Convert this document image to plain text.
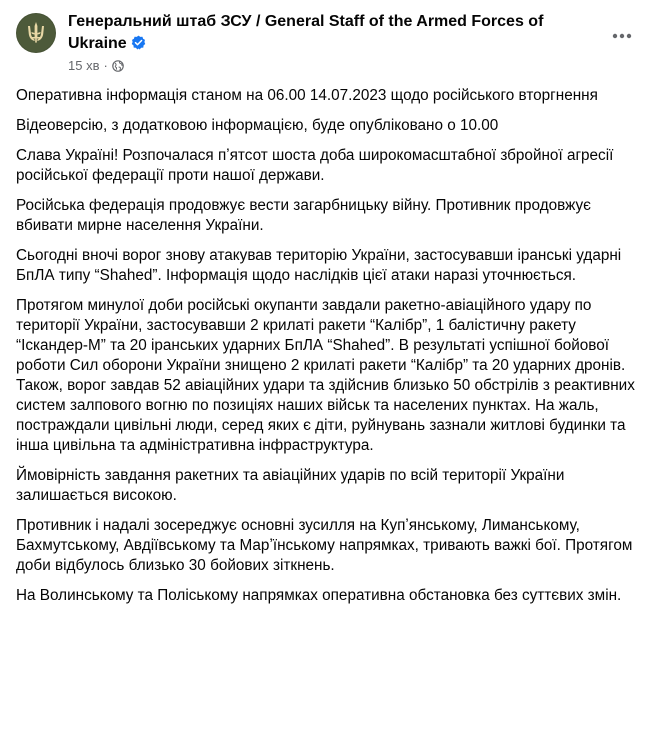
Генеральний штаб ЗСУ / General Staff of the Armed Forces of Ukraine
15 хв ·

Оперативна інформація станом на 06.00 14.07.2023 щодо російського вторгнення

Відеоверсію, з додатковою інформацією, буде опубліковано о 10.00

Слава Україні! Розпочалася пʼятсот шоста доба широкомасштабної збройної агресії російської федерації проти нашої держави.

Російська федерація продовжує вести загарбницьку війну. Противник продовжує вбивати мирне населення України.

Сьогодні вночі ворог знову атакував територію України, застосувавши іранські ударні БпЛА типу “Shahed”. Інформація щодо наслідків цієї атаки наразі уточнюється.

Протягом минулої доби російські окупанти завдали ракетно-авіаційного удару по території України, застосувавши 2 крилаті ракети “Калібр”, 1 балістичну ракету “Іскандер-М” та 20 іранських ударних БпЛА “Shahed”. В результаті успішної бойової роботи Сил оборони України знищено 2 крилаті ракети “Калібр” та 20 ударних дронів. Також, ворог завдав 52 авіаційних удари та здійснив близько 50 обстрілів з реактивних систем залпового вогню по позиціях наших військ та населених пунктах. На жаль, постраждали цивільні люди, серед яких є діти, руйнувань зазнали житлові будинки та інша цивільна та адміністративна інфраструктура.

Ймовірність завдання ракетних та авіаційних ударів по всій території України залишається високою.

Противник і надалі зосереджує основні зусилля на Купʼянському, Лиманському, Бахмутському, Авдіївському та Марʼїнському напрямках, тривають важкі бої. Протягом доби відбулось близько 30 бойових зіткнень.

На Волинському та Поліському напрямках оперативна обстановка без суттєвих змін.
